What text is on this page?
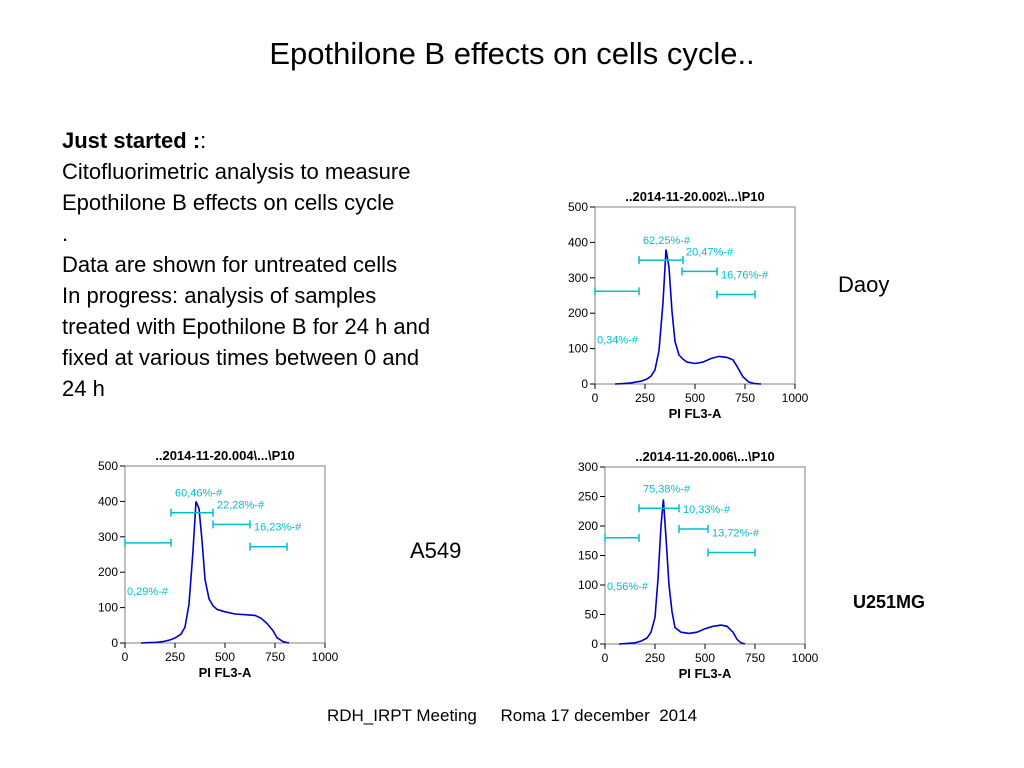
Epothilone B effects on cells cycle..
Just started ::
Citofluorimetric analysis to measure
Epothilone B effects on cells cycle
.
Data are shown for untreated cells
In progress: analysis of samples
treated with Epothilone B for 24 h and
fixed at various times between 0 and
24 h
..2014-11-20.002\...\P10
0
100
200
300
400
500
0	250 500 750 1000
PI FL3-A
62,25%-#
20,47%-#
16,76%-#
0,34%-#
..2014-11-20.004\...\P10
0
100
200
300
400
500
0	250 500 750 1000
PI FL3-A
60,46%-#
22,28%-#
16,23%-#
0,29%-#
..2014-11-20.006\...\P10
0
50
100
150
200
250
300
0	250 500 750 1000
PI FL3-A
75,38%-#
10,33%-#
13,72%-#
0,56%-#
Daoy
A549
U251MG
RDH_IRPT Meeting     Roma 17 december  2014
